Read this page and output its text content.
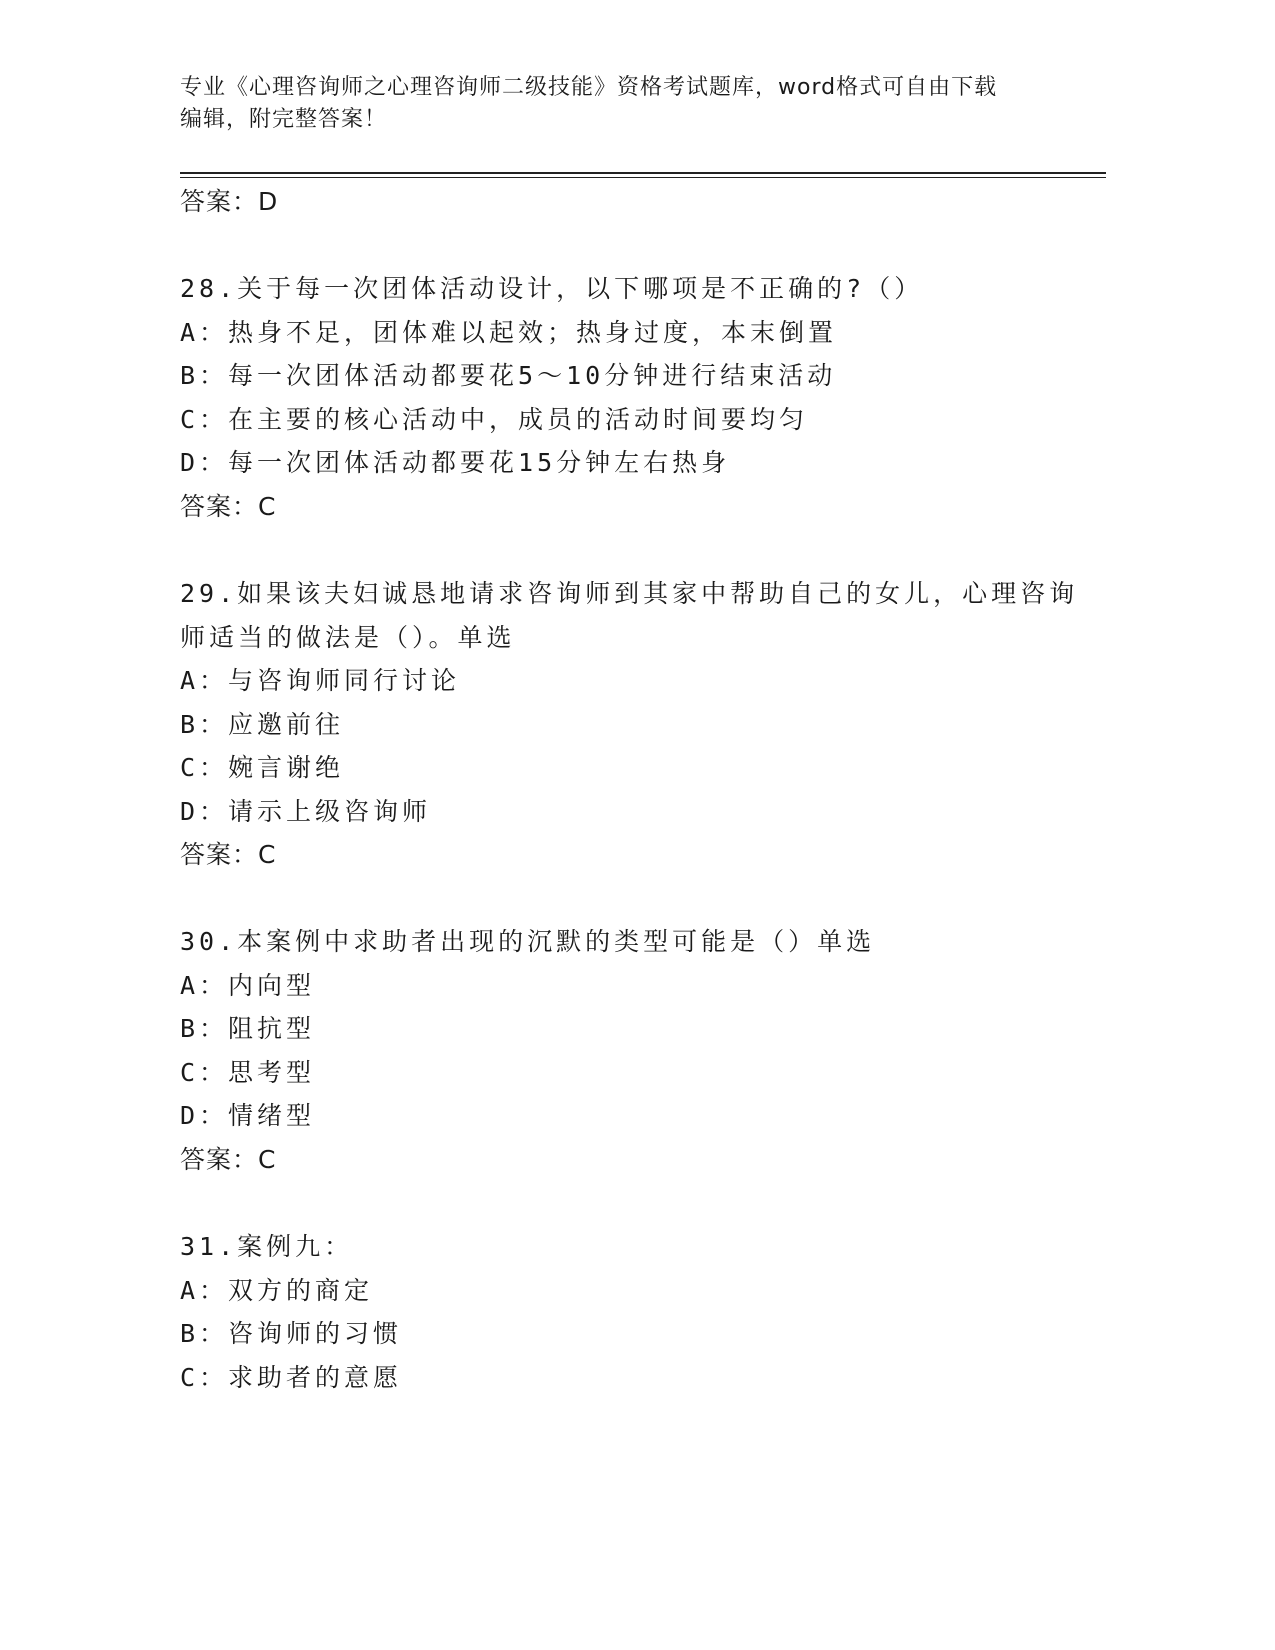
专业《心理咨询师之心理咨询师二级技能》资格考试题库，word格式可自由下载
编辑，附完整答案！
答案：D
28.关于每一次团体活动设计，以下哪项是不正确的?（）
A：热身不足，团体难以起效；热身过度，本末倒置
B：每一次团体活动都要花5～10分钟进行结束活动
C：在主要的核心活动中，成员的活动时间要均匀
D：每一次团体活动都要花15分钟左右热身
答案：C
29.如果该夫妇诚恳地请求咨询师到其家中帮助自己的女儿，心理咨询
师适当的做法是（）。单选
A：与咨询师同行讨论
B：应邀前往
C：婉言谢绝
D：请示上级咨询师
答案：C
30.本案例中求助者出现的沉默的类型可能是（）单选
A：内向型
B：阻抗型
C：思考型
D：情绪型
答案：C
31.案例九：
A：双方的商定
B：咨询师的习惯
C：求助者的意愿
